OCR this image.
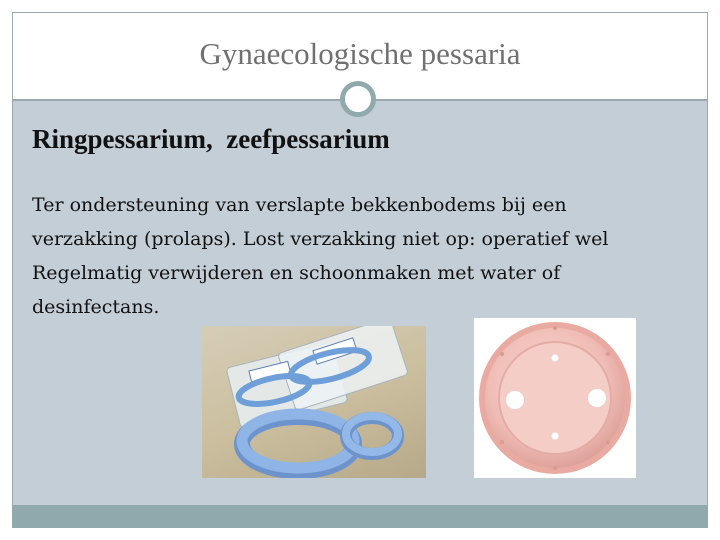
Gynaecologische pessaria
Ringpessarium,  zeefpessarium

Ter ondersteuning van verslapte bekkenbodems bij een
verzakking (prolaps). Lost verzakking niet op: operatief wel
Regelmatig verwijderen en schoonmaken met water of
desinfectans.
